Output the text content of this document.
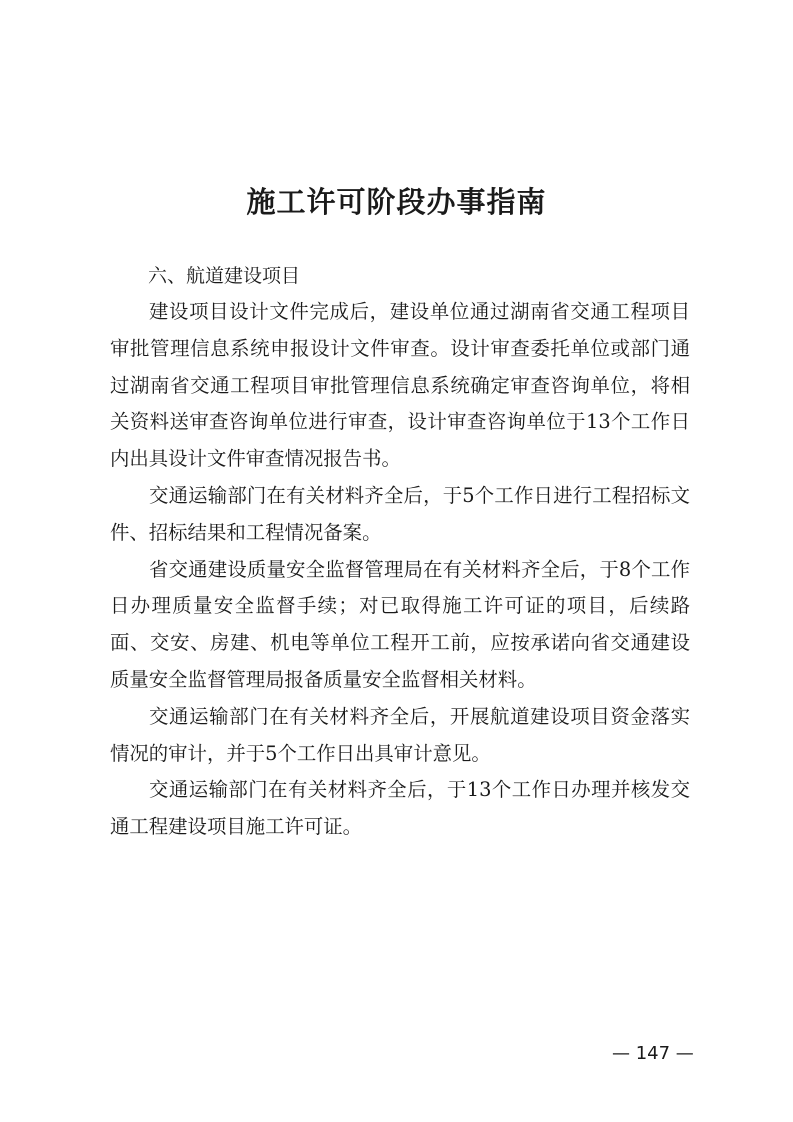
施工许可阶段办事指南
六、航道建设项目

建设项目设计文件完成后，建设单位通过湖南省交通工程项目审批管理信息系统申报设计文件审查。设计审查委托单位或部门通过湖南省交通工程项目审批管理信息系统确定审查咨询单位，将相关资料送审查咨询单位进行审查，设计审查咨询单位于13个工作日内出具设计文件审查情况报告书。

交通运输部门在有关材料齐全后，于5个工作日进行工程招标文件、招标结果和工程情况备案。

省交通建设质量安全监督管理局在有关材料齐全后，于8个工作日办理质量安全监督手续；对已取得施工许可证的项目，后续路面、交安、房建、机电等单位工程开工前，应按承诺向省交通建设质量安全监督管理局报备质量安全监督相关材料。

交通运输部门在有关材料齐全后，开展航道建设项目资金落实情况的审计，并于5个工作日出具审计意见。

交通运输部门在有关材料齐全后，于13个工作日办理并核发交通工程建设项目施工许可证。

— 147 —
